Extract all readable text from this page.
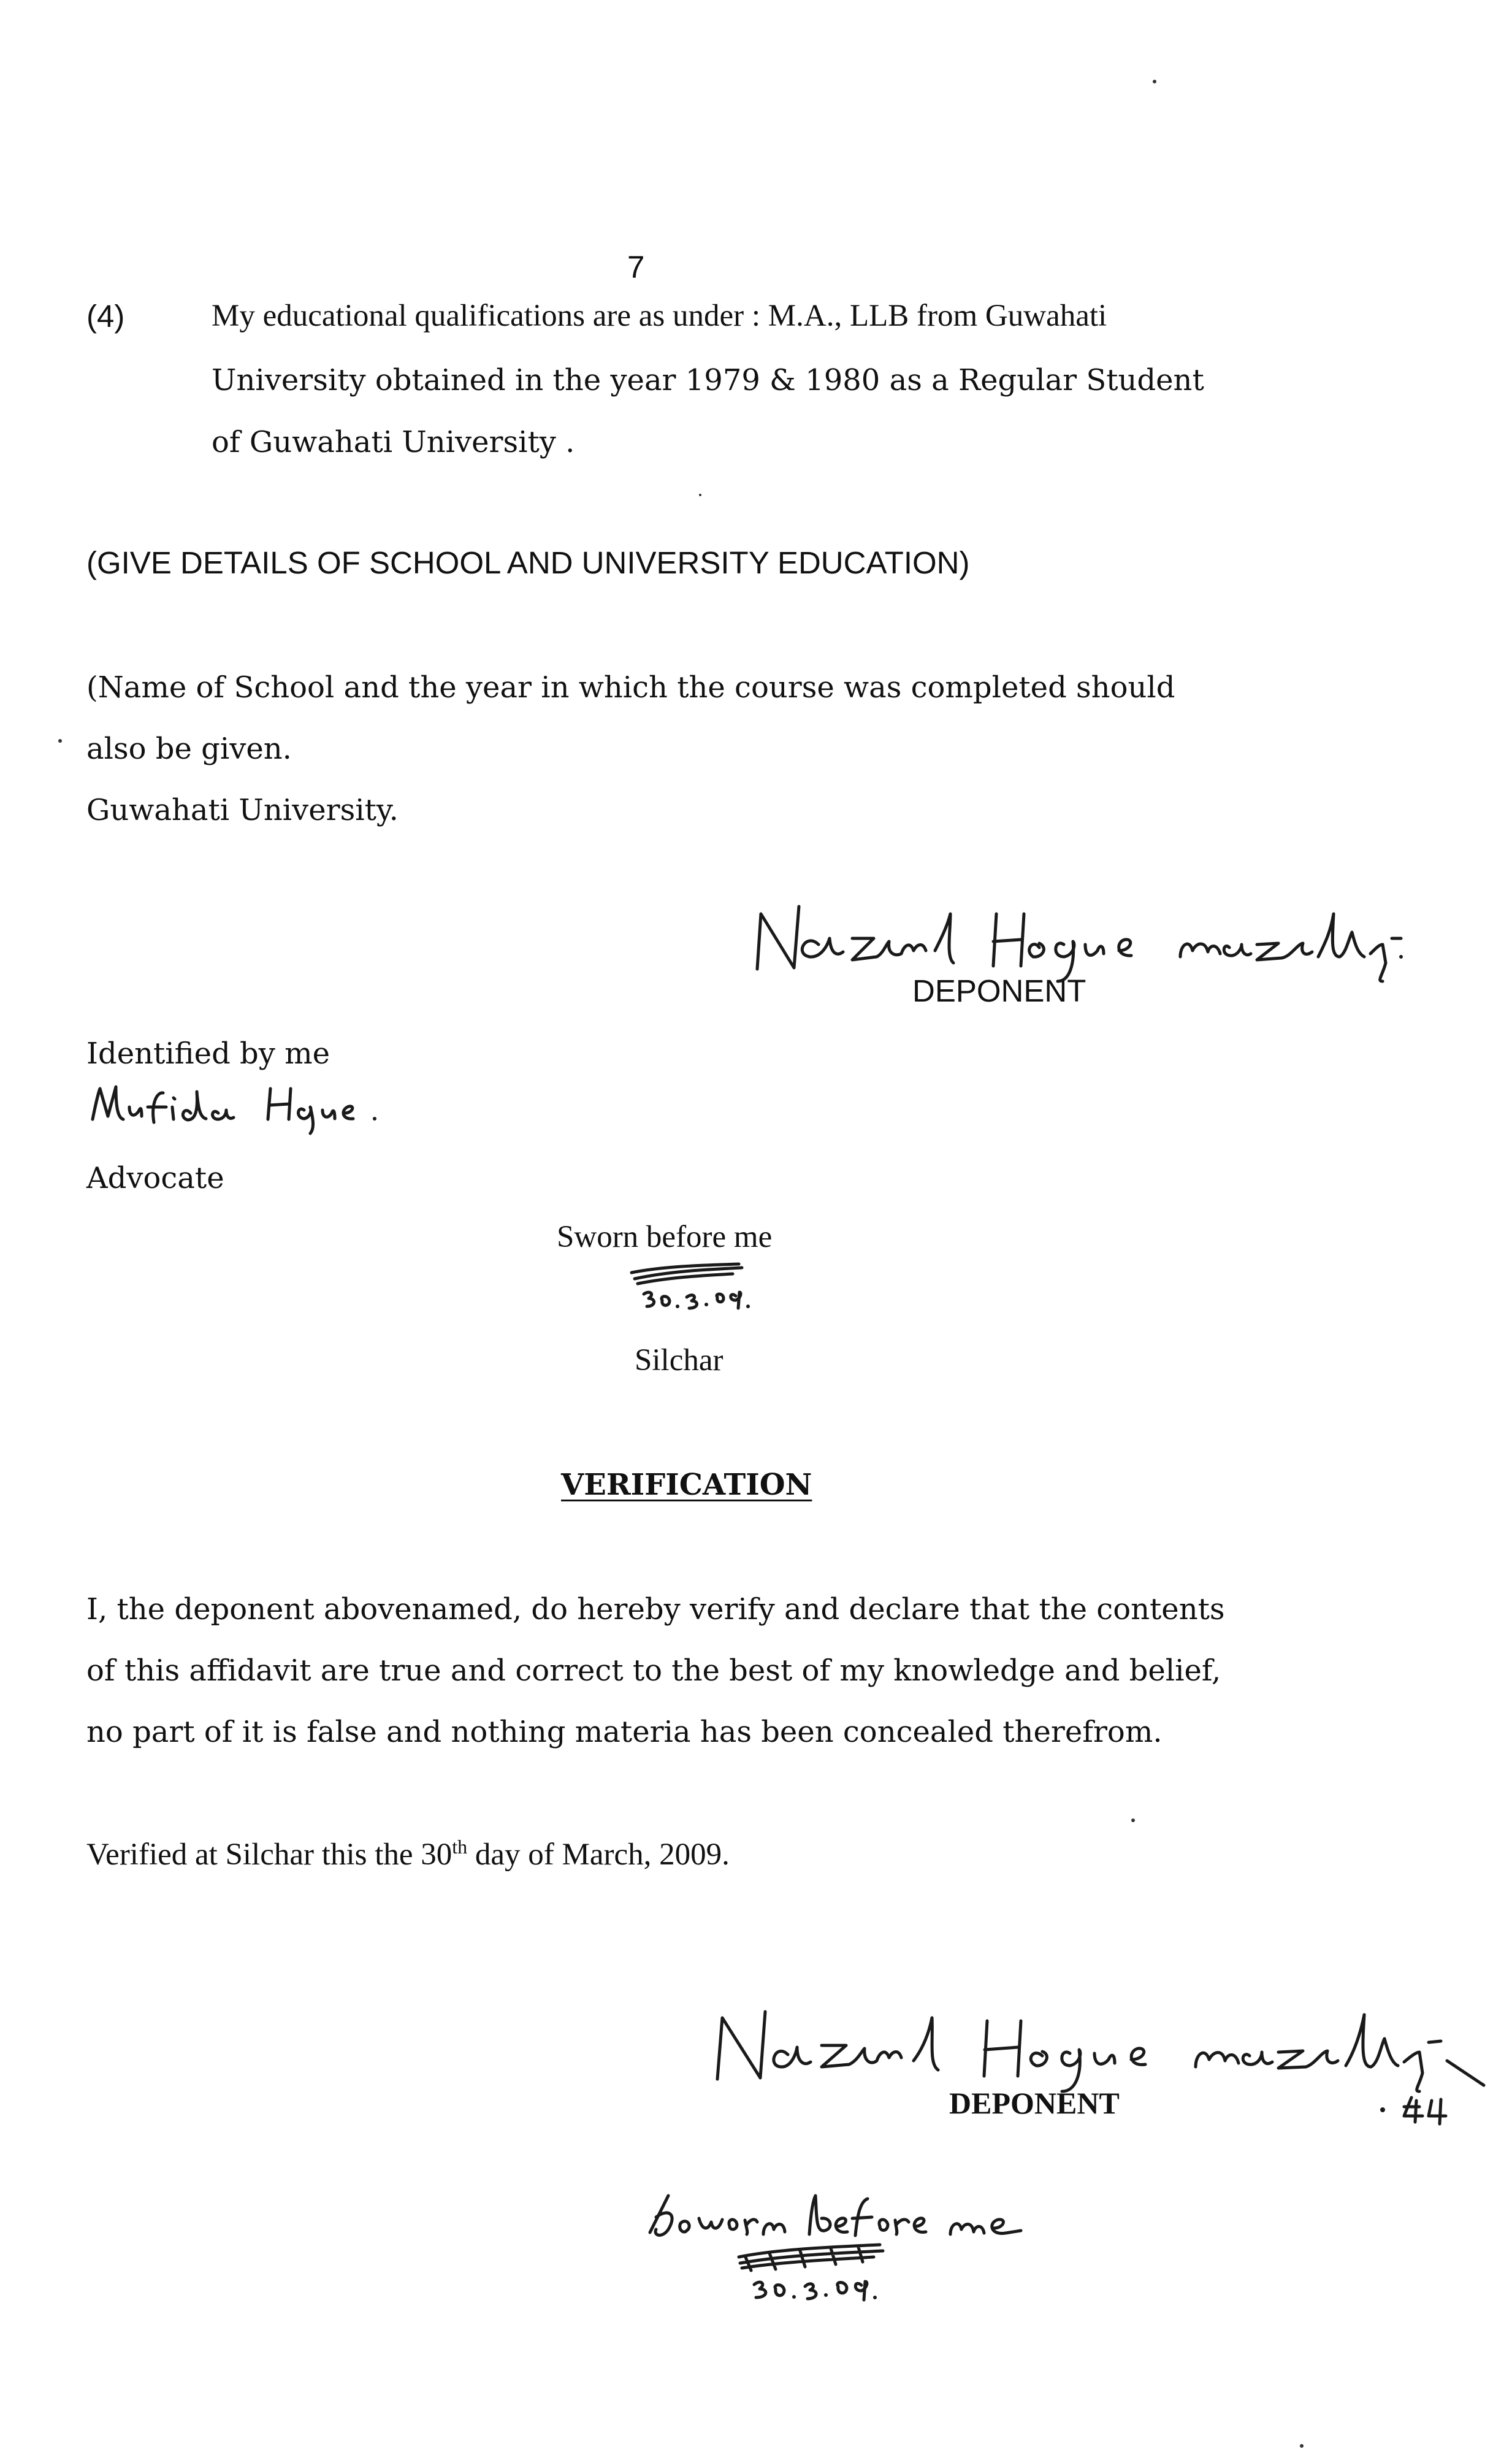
7
(4)	My educational qualifications are as under : M.A., LLB from Guwahati
University obtained in the year 1979 & 1980 as a Regular Student
of Guwahati University .
(GIVE DETAILS OF SCHOOL AND UNIVERSITY EDUCATION)
(Name of School and the year in which the course was completed should
also be given.
Guwahati University.
DEPONENT
Identified by me
Advocate
Sworn before me
Silchar
VERIFICATION
I, the deponent abovenamed, do hereby verify and declare that the contents
of this affidavit are true and correct to the best of my knowledge and belief,
no part of it is false and nothing materia has been concealed therefrom.
Verified at Silchar this the 30th day of March, 2009.
DEPONENT
